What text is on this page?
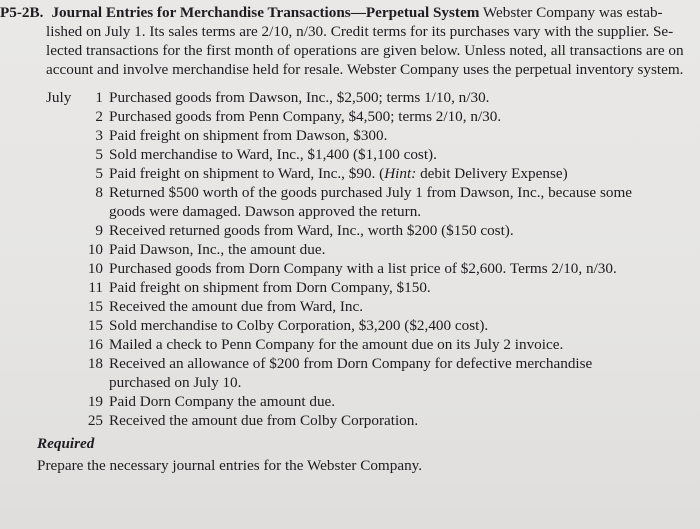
P5-2B. Journal Entries for Merchandise Transactions—Perpetual System Webster Company was estab-

lished on July 1. Its sales terms are 2/10, n/30. Credit terms for its purchases vary with the supplier. Se-

lected transactions for the first month of operations are given below. Unless noted, all transactions are on

account and involve merchandise held for resale. Webster Company uses the perpetual inventory system.

July	1 Purchased goods from Dawson, Inc., $2,500; terms 1/10, n/30.
2 Purchased goods from Penn Company, $4,500; terms 2/10, n/30.
3 Paid freight on shipment from Dawson, $300.
5 Sold merchandise to Ward, Inc., $1,400 ($1,100 cost).
5 Paid freight on shipment to Ward, Inc., $90. (Hint: debit Delivery Expense)
8 Returned $500 worth of the goods purchased July 1 from Dawson, Inc., because some
goods were damaged. Dawson approved the return.
9 Received returned goods from Ward, Inc., worth $200 ($150 cost).
10 Paid Dawson, Inc., the amount due.
10 Purchased goods from Dorn Company with a list price of $2,600. Terms 2/10, n/30.
11 Paid freight on shipment from Dorn Company, $150.
15 Received the amount due from Ward, Inc.
15 Sold merchandise to Colby Corporation, $3,200 ($2,400 cost).
16 Mailed a check to Penn Company for the amount due on its July 2 invoice.
18 Received an allowance of $200 from Dorn Company for defective merchandise
purchased on July 10.
19 Paid Dorn Company the amount due.
25 Received the amount due from Colby Corporation.
Required
Prepare the necessary journal entries for the Webster Company.
